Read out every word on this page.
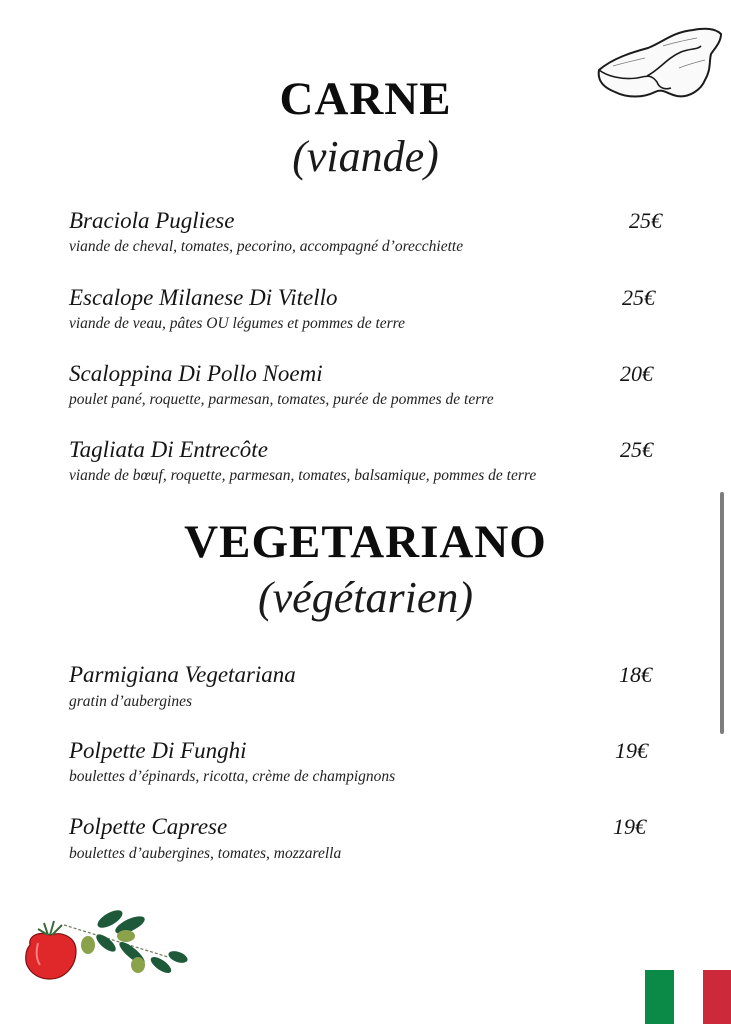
CARNE
(viande)
Braciola Pugliese	25€
viande de cheval, tomates, pecorino, accompagné d’orecchiette
Escalope Milanese Di Vitello	25€
viande de veau, pâtes OU légumes et pommes de terre
Scaloppina Di Pollo Noemi	20€
poulet pané, roquette, parmesan, tomates, purée de pommes de terre
Tagliata Di Entrecôte	25€
viande de bœuf, roquette, parmesan, tomates, balsamique, pommes de terre
VEGETARIANO
(végétarien)
Parmigiana Vegetariana	18€
gratin d’aubergines
Polpette Di Funghi	19€
boulettes d’épinards, ricotta, crème de champignons
Polpette Caprese	19€
boulettes d’aubergines, tomates, mozzarella
